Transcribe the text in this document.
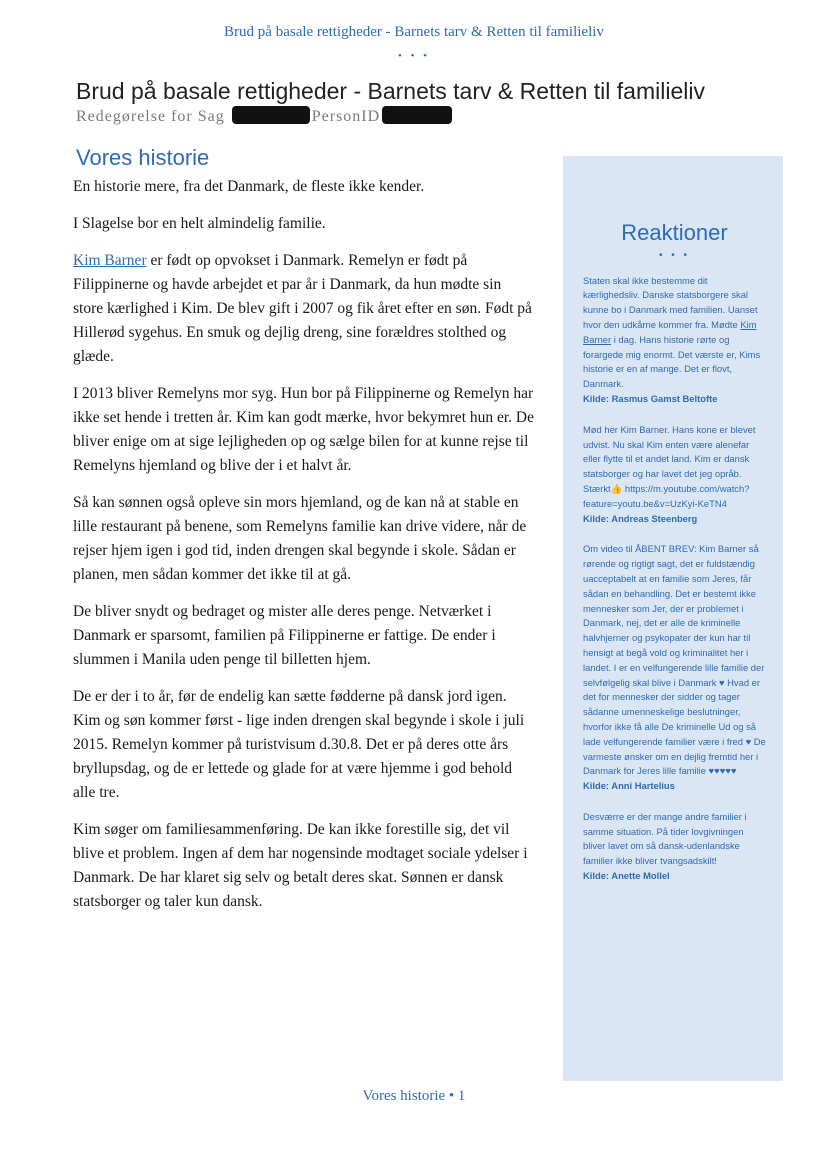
Brud på basale rettigheder - Barnets tarv & Retten til familieliv
• • •
Brud på basale rettigheder - Barnets tarv & Retten til familieliv
Redegørelse for Sag	PersonID
Vores historie

En historie mere, fra det Danmark, de fleste ikke kender.

I Slagelse bor en helt almindelig familie.

Kim Barner er født op opvokset i Danmark. Remelyn er født på Filippinerne og havde arbejdet et par år i Danmark, da hun mødte sin store kærlighed i Kim. De blev gift i 2007 og fik året efter en søn. Født på Hillerød sygehus. En smuk og dejlig dreng, sine forældres stolthed og glæde.

I 2013 bliver Remelyns mor syg. Hun bor på Filippinerne og Remelyn har ikke set hende i tretten år. Kim kan godt mærke, hvor bekymret hun er. De bliver enige om at sige lejligheden op og sælge bilen for at kunne rejse til Remelyns hjemland og blive der i et halvt år.

Så kan sønnen også opleve sin mors hjemland, og de kan nå at stable en lille restaurant på benene, som Remelyns familie kan drive videre, når de rejser hjem igen i god tid, inden drengen skal begynde i skole. Sådan er planen, men sådan kommer det ikke til at gå.

De bliver snydt og bedraget og mister alle deres penge. Netværket i Danmark er sparsomt, familien på Filippinerne er fattige. De ender i slummen i Manila uden penge til billetten hjem.

De er der i to år, før de endelig kan sætte fødderne på dansk jord igen. Kim og søn kommer først - lige inden drengen skal begynde i skole i juli 2015. Remelyn kommer på turistvisum d.30.8. Det er på deres otte års bryllupsdag, og de er lettede og glade for at være hjemme i god behold alle tre.

Kim søger om familiesammenføring. De kan ikke forestille sig, det vil blive et problem. Ingen af dem har nogensinde modtaget sociale ydelser i Danmark. De har klaret sig selv og betalt deres skat. Sønnen er dansk statsborger og taler kun dansk.

Reaktioner
• • •
Staten skal ikke bestemme dit kærlighedsliv. Danske statsborgere skal kunne bo i Danmark med familien. Uanset hvor den udkårne kommer fra. Mødte Kim Barner i dag. Hans historie rørte og forargede mig enormt. Det værste er, Kims historie er en af mange. Det er flovt, Danmark.
Kilde: Rasmus Gamst Beltofte
Mød her Kim Barner. Hans kone er blevet udvist. Nu skal Kim enten være alenefar eller flytte til et andet land. Kim er dansk statsborger og har lavet det jeg opråb. Stærkt👍 https://m.youtube.com/watch?feature=youtu.be&v=UzKyi-KeTN4
Kilde: Andreas Steenberg
Om video til ÅBENT BREV: Kim Barner så rørende og rigtigt sagt, det er fuldstændig uacceptabelt at en familie som Jeres, får sådan en behandling. Det er bestemt ikke mennesker som Jer, der er problemet i Danmark, nej, det er alle de kriminelle halvhjerner og psykopater der kun har til hensigt at begå vold og kriminalitet her i landet. I er en velfungerende lille familie der selvfølgelig skal blive i Danmark ♥ Hvad er det for mennesker der sidder og tager sådanne umenneskelige beslutninger, hvorfor ikke få alle De kriminelle Ud og så lade velfungerende familier være i fred ♥ De varmeste ønsker om en dejlig fremtid her i Danmark for Jeres lille familie ♥♥♥♥♥
Kilde: Anni Hartelius
Desværre er der mange andre familier i samme situation. På tider lovgivningen bliver lavet om så dansk-udenlandske familier ikke bliver tvangsadskilt!
Kilde: Anette Mollel
Vores historie • 1
